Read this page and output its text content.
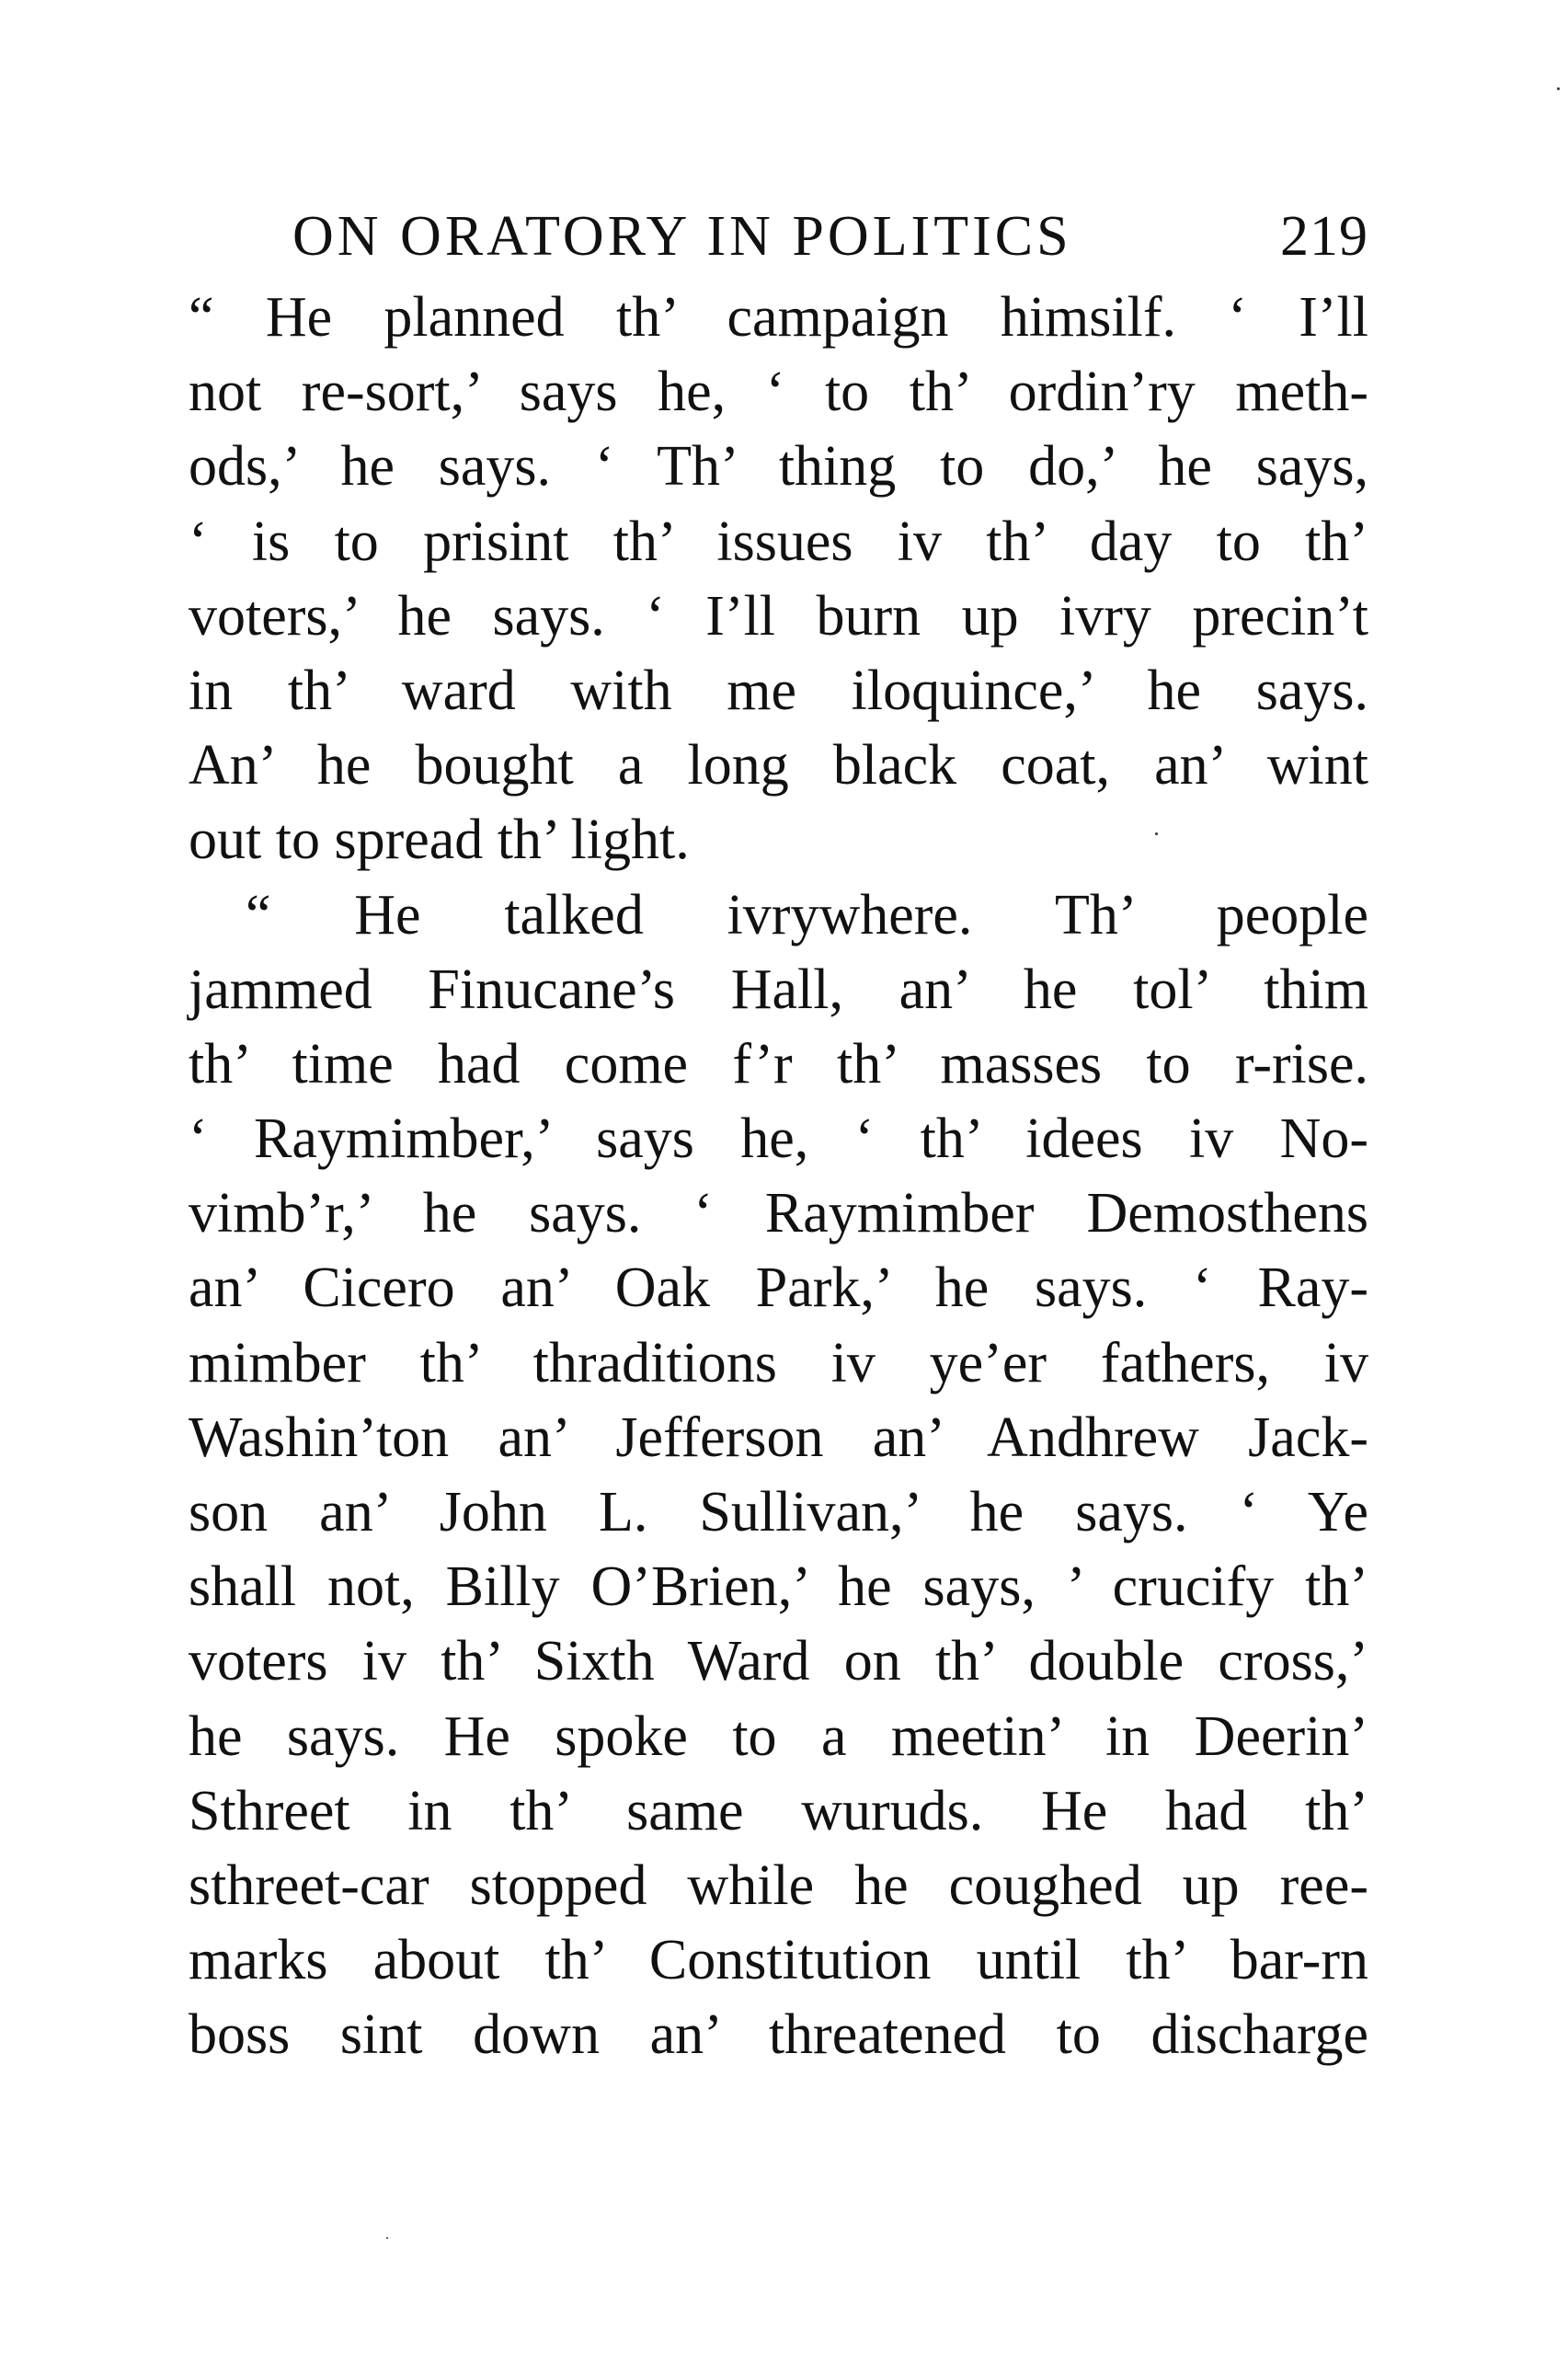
ON ORATORY IN POLITICS	219
“ He planned th’ campaign himsilf. ‘ I’ll
not re-sort,’ says he, ‘ to th’ ordin’ry meth-
ods,’ he says. ‘ Th’ thing to do,’ he says,
‘ is to prisint th’ issues iv th’ day to th’
voters,’ he says. ‘ I’ll burn up ivry precin’t
in th’ ward with me iloquince,’ he says.
An’ he bought a long black coat, an’ wint
out to spread th’ light.
“ He talked ivrywhere. Th’ people
jammed Finucane’s Hall, an’ he tol’ thim
th’ time had come f’r th’ masses to r-rise.
‘ Raymimber,’ says he, ‘ th’ idees iv No-
vimb’r,’ he says. ‘ Raymimber Demosthens
an’ Cicero an’ Oak Park,’ he says. ‘ Ray-
mimber th’ thraditions iv ye’er fathers, iv
Washin’ton an’ Jefferson an’ Andhrew Jack-
son an’ John L. Sullivan,’ he says. ‘ Ye
shall not, Billy O’Brien,’ he says, ’ crucify th’
voters iv th’ Sixth Ward on th’ double cross,’
he says. He spoke to a meetin’ in Deerin’
Sthreet in th’ same wuruds. He had th’
sthreet-car stopped while he coughed up ree-
marks about th’ Constitution until th’ bar-rn
boss sint down an’ threatened to discharge
